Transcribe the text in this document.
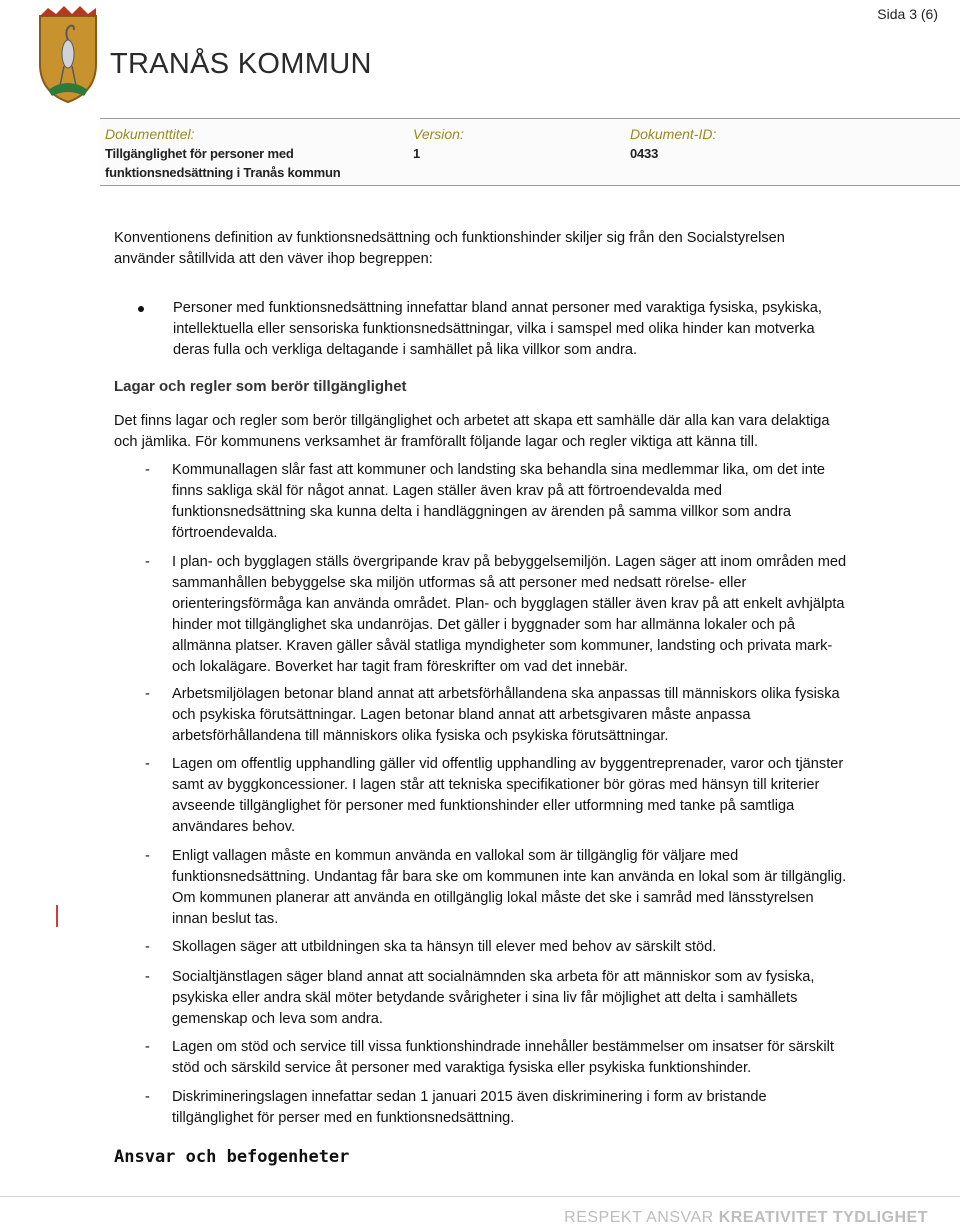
Sida 3 (6)
TRANÅS KOMMUN
Dokumenttitel:
Tillgänglighet för personer med
funktionsnedsättning i Tranås kommun
Version:
1
Dokument-ID:
0433

Konventionens definition av funktionsnedsättning och funktionshinder skiljer sig från den Socialstyrelsen använder såtillvida att den väver ihop begreppen:

Personer med funktionsnedsättning innefattar bland annat personer med varaktiga fysiska, psykiska, intellektuella eller sensoriska funktionsnedsättningar, vilka i samspel med olika hinder kan motverka deras fulla och verkliga deltagande i samhället på lika villkor som andra.

Lagar och regler som berör tillgänglighet

Det finns lagar och regler som berör tillgänglighet och arbetet att skapa ett samhälle där alla kan vara delaktiga och jämlika. För kommunens verksamhet är framförallt följande lagar och regler viktiga att känna till.

- Kommunallagen slår fast att kommuner och landsting ska behandla sina medlemmar lika, om det inte finns sakliga skäl för något annat. Lagen ställer även krav på att förtroendevalda med funktionsnedsättning ska kunna delta i handläggningen av ärenden på samma villkor som andra förtroendevalda.

- I plan- och bygglagen ställs övergripande krav på bebyggelsemiljön. Lagen säger att inom områden med sammanhållen bebyggelse ska miljön utformas så att personer med nedsatt rörelse- eller orienteringsförmåga kan använda området. Plan- och bygglagen ställer även krav på att enkelt avhjälpta hinder mot tillgänglighet ska undanröjas. Det gäller i byggnader som har allmänna lokaler och på allmänna platser. Kraven gäller såväl statliga myndigheter som kommuner, landsting och privata mark- och lokalägare. Boverket har tagit fram föreskrifter om vad det innebär.

- Arbetsmiljölagen betonar bland annat att arbetsförhållandena ska anpassas till människors olika fysiska och psykiska förutsättningar. Lagen betonar bland annat att arbetsgivaren måste anpassa arbetsförhållandena till människors olika fysiska och psykiska förutsättningar.

- Lagen om offentlig upphandling gäller vid offentlig upphandling av byggentreprenader, varor och tjänster samt av byggkoncessioner. I lagen står att tekniska specifikationer bör göras med hänsyn till kriterier avseende tillgänglighet för personer med funktionshinder eller utformning med tanke på samtliga användares behov.

- Enligt vallagen måste en kommun använda en vallokal som är tillgänglig för väljare med funktionsnedsättning. Undantag får bara ske om kommunen inte kan använda en lokal som är tillgänglig. Om kommunen planerar att använda en otillgänglig lokal måste det ske i samråd med länsstyrelsen innan beslut tas.

- Skollagen säger att utbildningen ska ta hänsyn till elever med behov av särskilt stöd.

- Socialtjänstlagen säger bland annat att socialnämnden ska arbeta för att människor som av fysiska, psykiska eller andra skäl möter betydande svårigheter i sina liv får möjlighet att delta i samhällets gemenskap och leva som andra.

- Lagen om stöd och service till vissa funktionshindrade innehåller bestämmelser om insatser för särskilt stöd och särskild service åt personer med varaktiga fysiska eller psykiska funktionshinder.

- Diskrimineringslagen innefattar sedan 1 januari 2015 även diskriminering i form av bristande tillgänglighet för perser med en funktionsnedsättning.

Ansvar och befogenheter
RESPEKT ANSVAR KREATIVITET TYDLIGHET
